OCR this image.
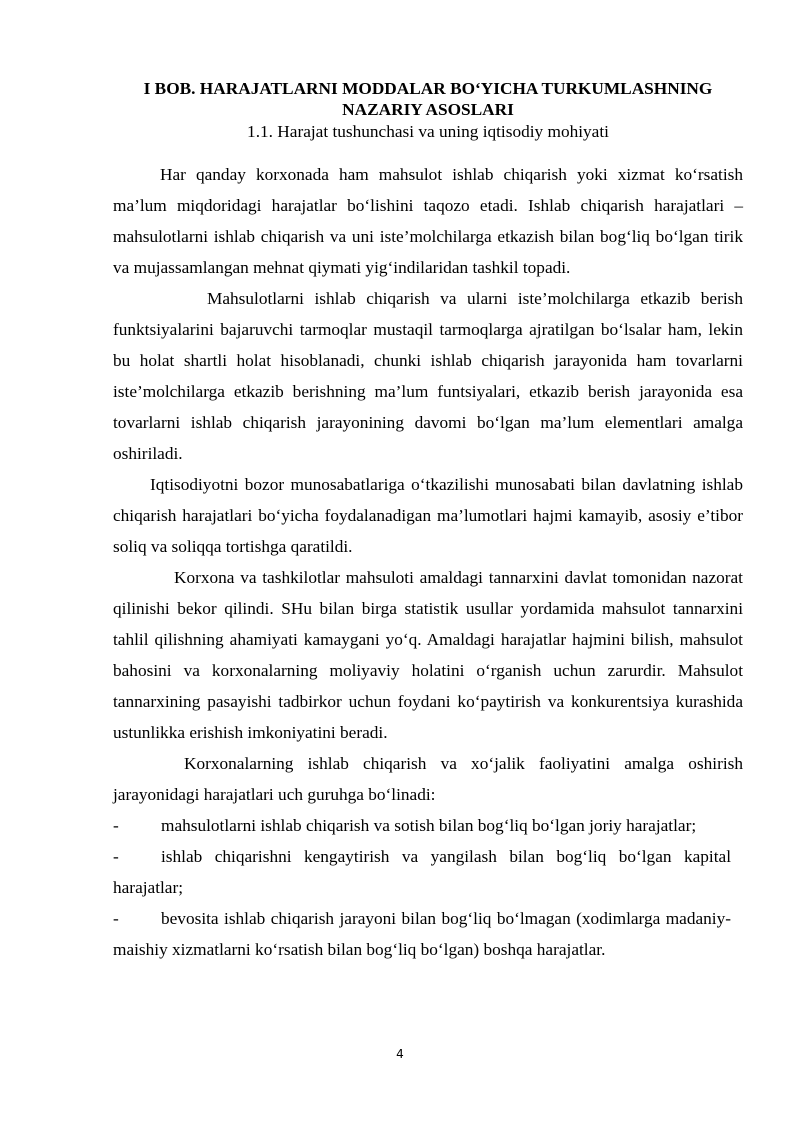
I BOB. HARAJATLARNI MODDALAR BO‘YICHA TURKUMLASHNING NAZARIY ASOSLARI
1.1. Harajat tushunchasi va uning iqtisodiy mohiyati

Har qanday korxonada ham mahsulot ishlab chiqarish yoki xizmat ko‘rsatish ma’lum miqdoridagi harajatlar bo‘lishini taqozo etadi. Ishlab chiqarish harajatlari – mahsulotlarni ishlab chiqarish va uni iste’molchilarga etkazish bilan bog‘liq bo‘lgan tirik va mujassamlangan mehnat qiymati yig‘indilaridan tashkil topadi.

Mahsulotlarni ishlab chiqarish va ularni iste’molchilarga etkazib berish funktsiyalarini bajaruvchi tarmoqlar mustaqil tarmoqlarga ajratilgan bo‘lsalar ham, lekin bu holat shartli holat hisoblanadi, chunki ishlab chiqarish jarayonida ham tovarlarni iste’molchilarga etkazib berishning ma’lum funtsiyalari, etkazib berish jarayonida esa tovarlarni ishlab chiqarish jarayonining davomi bo‘lgan ma’lum elementlari amalga oshiriladi.

Iqtisodiyotni bozor munosabatlariga o‘tkazilishi munosabati bilan davlatning ishlab chiqarish harajatlari bo‘yicha foydalanadigan ma’lumotlari hajmi kamayib, asosiy e’tibor soliq va soliqqa tortishga qaratildi.

Korxona va tashkilotlar mahsuloti amaldagi tannarxini davlat tomonidan nazorat qilinishi bekor qilindi. SHu bilan birga statistik usullar yordamida mahsulot tannarxini tahlil qilishning ahamiyati kamaygani yo‘q. Amaldagi harajatlar hajmini bilish, mahsulot bahosini va korxonalarning moliyaviy holatini o‘rganish uchun zarurdir. Mahsulot tannarxining pasayishi tadbirkor uchun foydani ko‘paytirish va konkurentsiya kurashida ustunlikka erishish imkoniyatini beradi.

Korxonalarning ishlab chiqarish va xo‘jalik faoliyatini amalga oshirish jarayonidagi harajatlari uch guruhga bo‘linadi:

- mahsulotlarni ishlab chiqarish va sotish bilan bog‘liq bo‘lgan joriy harajatlar;
- ishlab chiqarishni kengaytirish va yangilash bilan bog‘liq bo‘lgan kapital harajatlar;
- bevosita ishlab chiqarish jarayoni bilan bog‘liq bo‘lmagan (xodimlarga madaniy-maishiy xizmatlarni ko‘rsatish bilan bog‘liq bo‘lgan) boshqa harajatlar.
4
